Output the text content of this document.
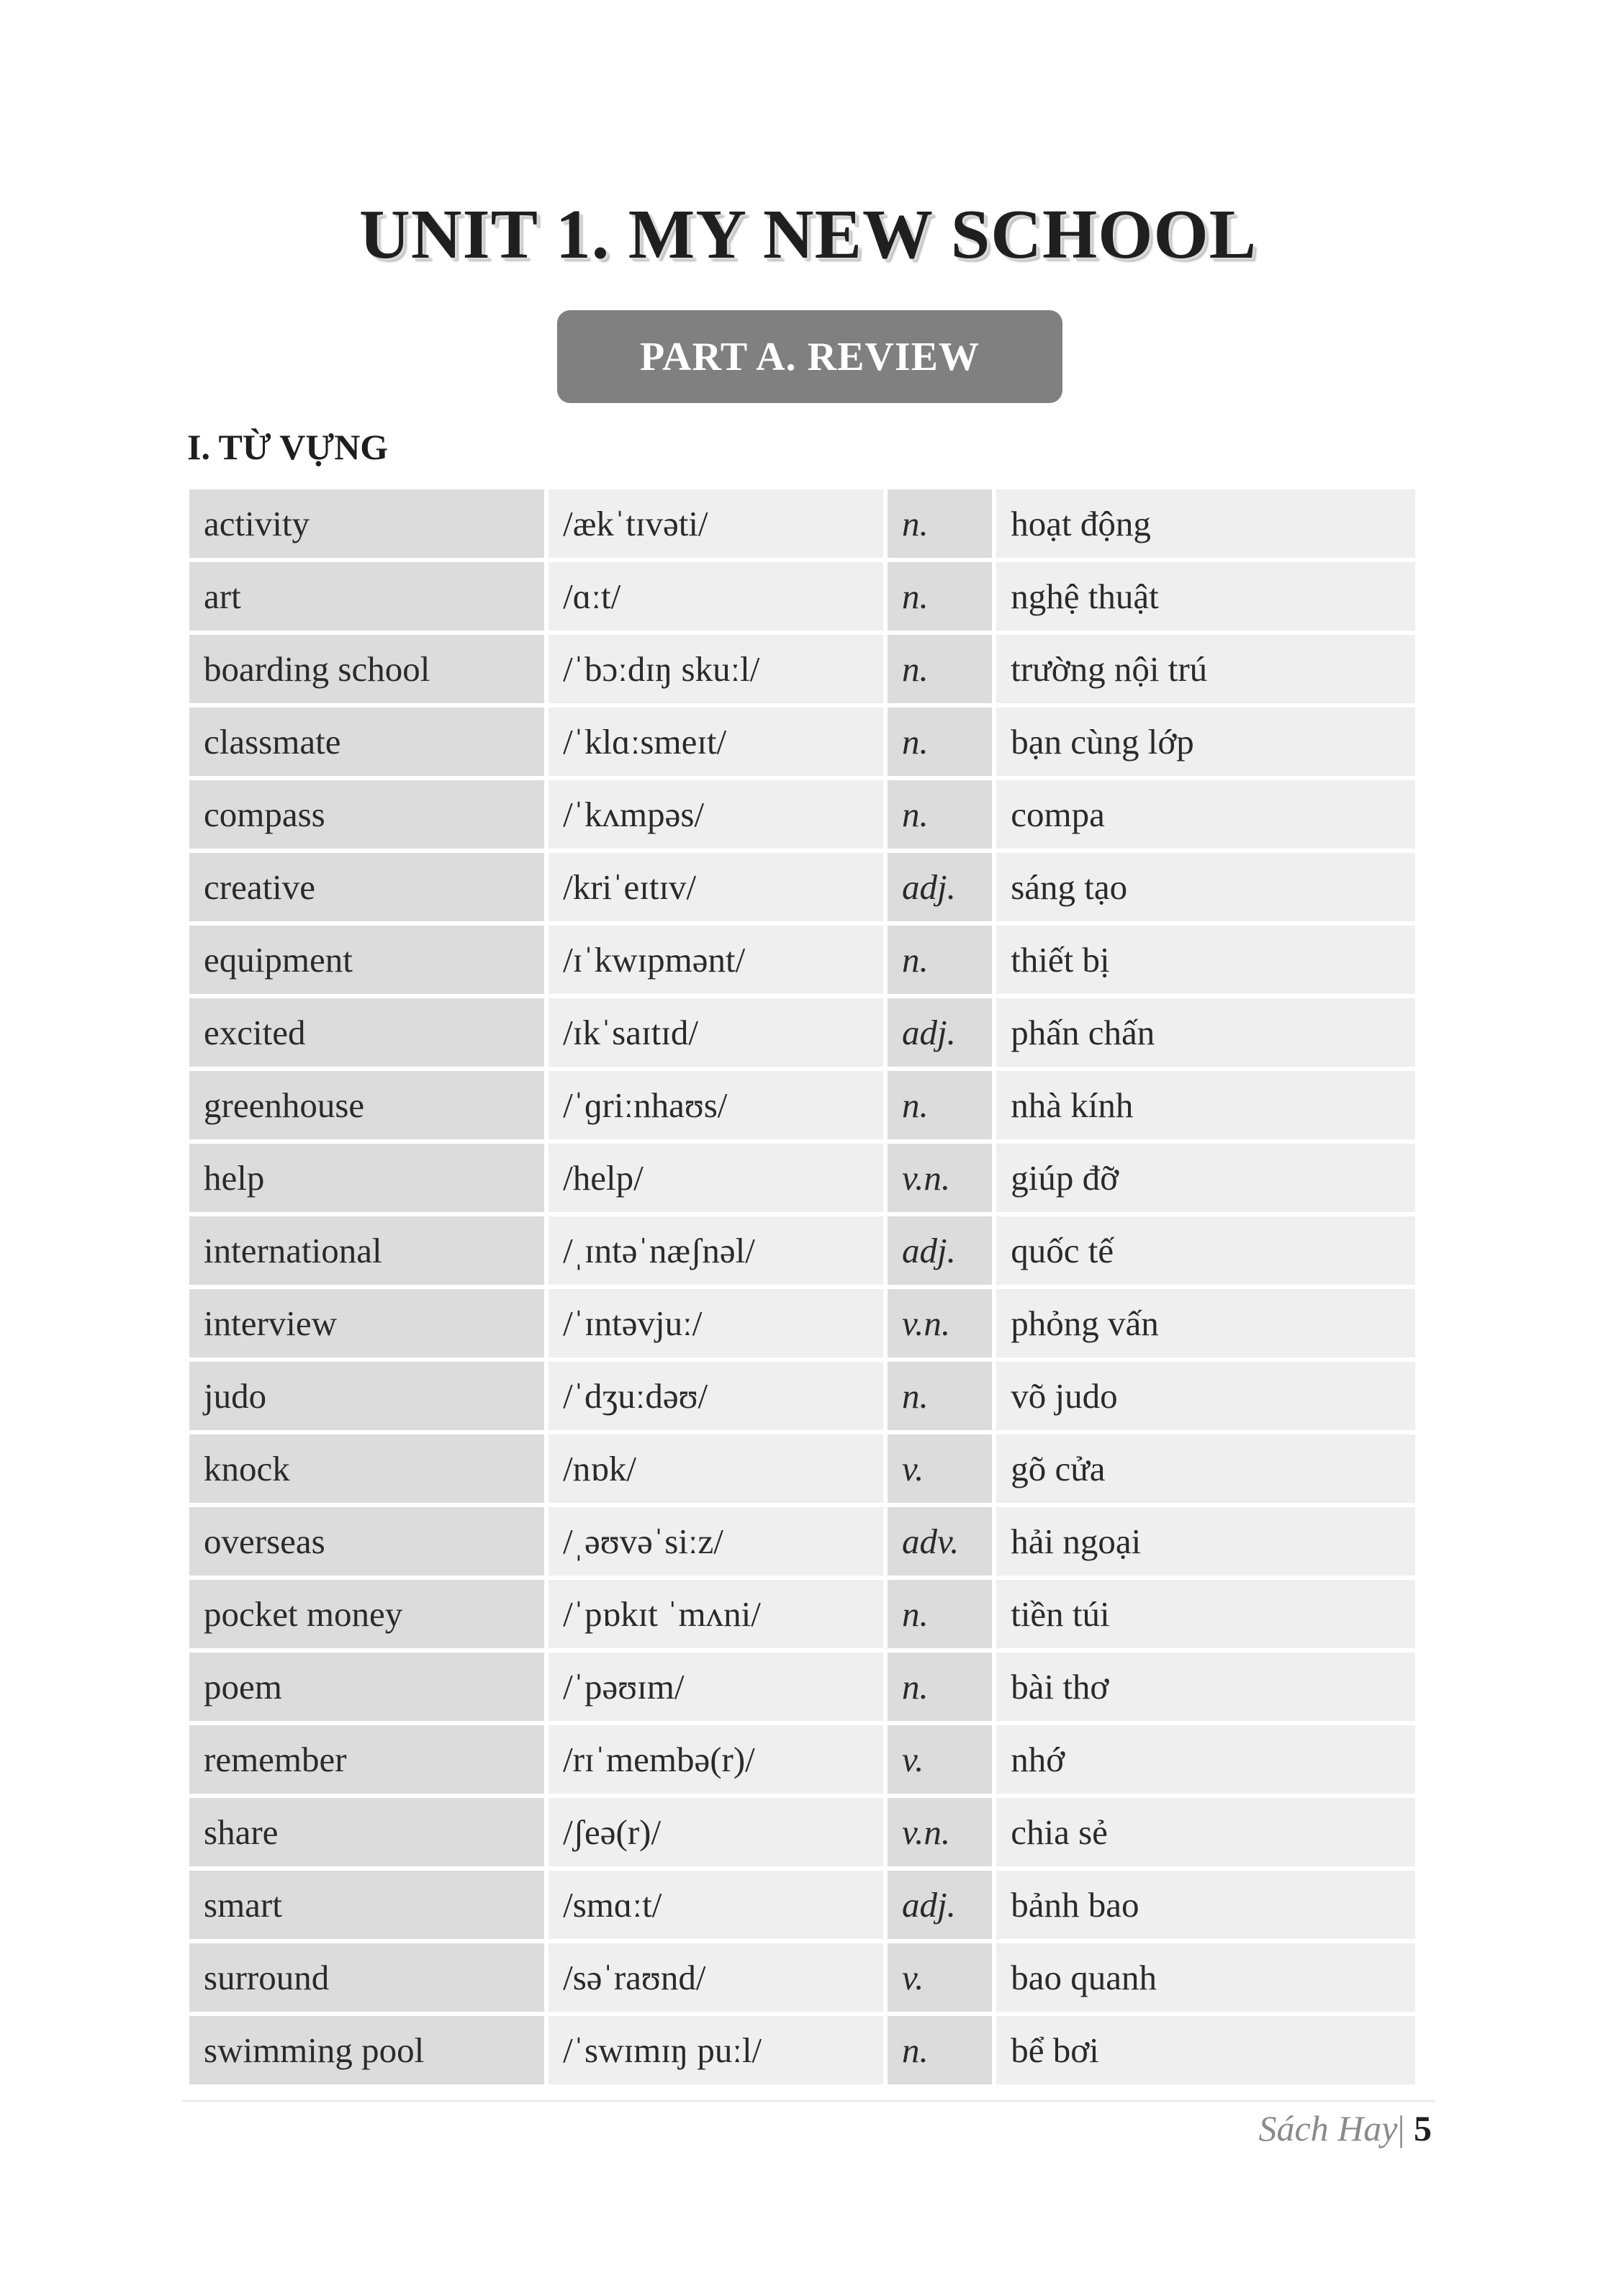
UNIT 1. MY NEW SCHOOL
PART A. REVIEW
I. TỪ VỰNG
activity	/ækˈtɪvəti/	n.	hoạt động
art	/ɑːt/	n.	nghệ thuật
boarding school	/ˈbɔːdɪŋ skuːl/	n.	trường nội trú
classmate	/ˈklɑːsmeɪt/	n.	bạn cùng lớp
compass	/ˈkʌmpəs/	n.	compa
creative	/kriˈeɪtɪv/	adj.	sáng tạo
equipment	/ɪˈkwɪpmənt/	n.	thiết bị
excited	/ɪkˈsaɪtɪd/	adj.	phấn chấn
greenhouse	/ˈɡriːnhaʊs/	n.	nhà kính
help	/help/	v.n.	giúp đỡ
international	/ˌɪntəˈnæʃnəl/	adj.	quốc tế
interview	/ˈɪntəvjuː/	v.n.	phỏng vấn
judo	/ˈdʒuːdəʊ/	n.	võ judo
knock	/nɒk/	v.	gõ cửa
overseas	/ˌəʊvəˈsiːz/	adv.	hải ngoại
pocket money	/ˈpɒkɪt ˈmʌni/	n.	tiền túi
poem	/ˈpəʊɪm/	n.	bài thơ
remember	/rɪˈmembə(r)/	v.	nhớ
share	/ʃeə(r)/	v.n.	chia sẻ
smart	/smɑːt/	adj.	bảnh bao
surround	/səˈraʊnd/	v.	bao quanh
swimming pool	/ˈswɪmɪŋ puːl/	n.	bể bơi
Sách Hay| 5
